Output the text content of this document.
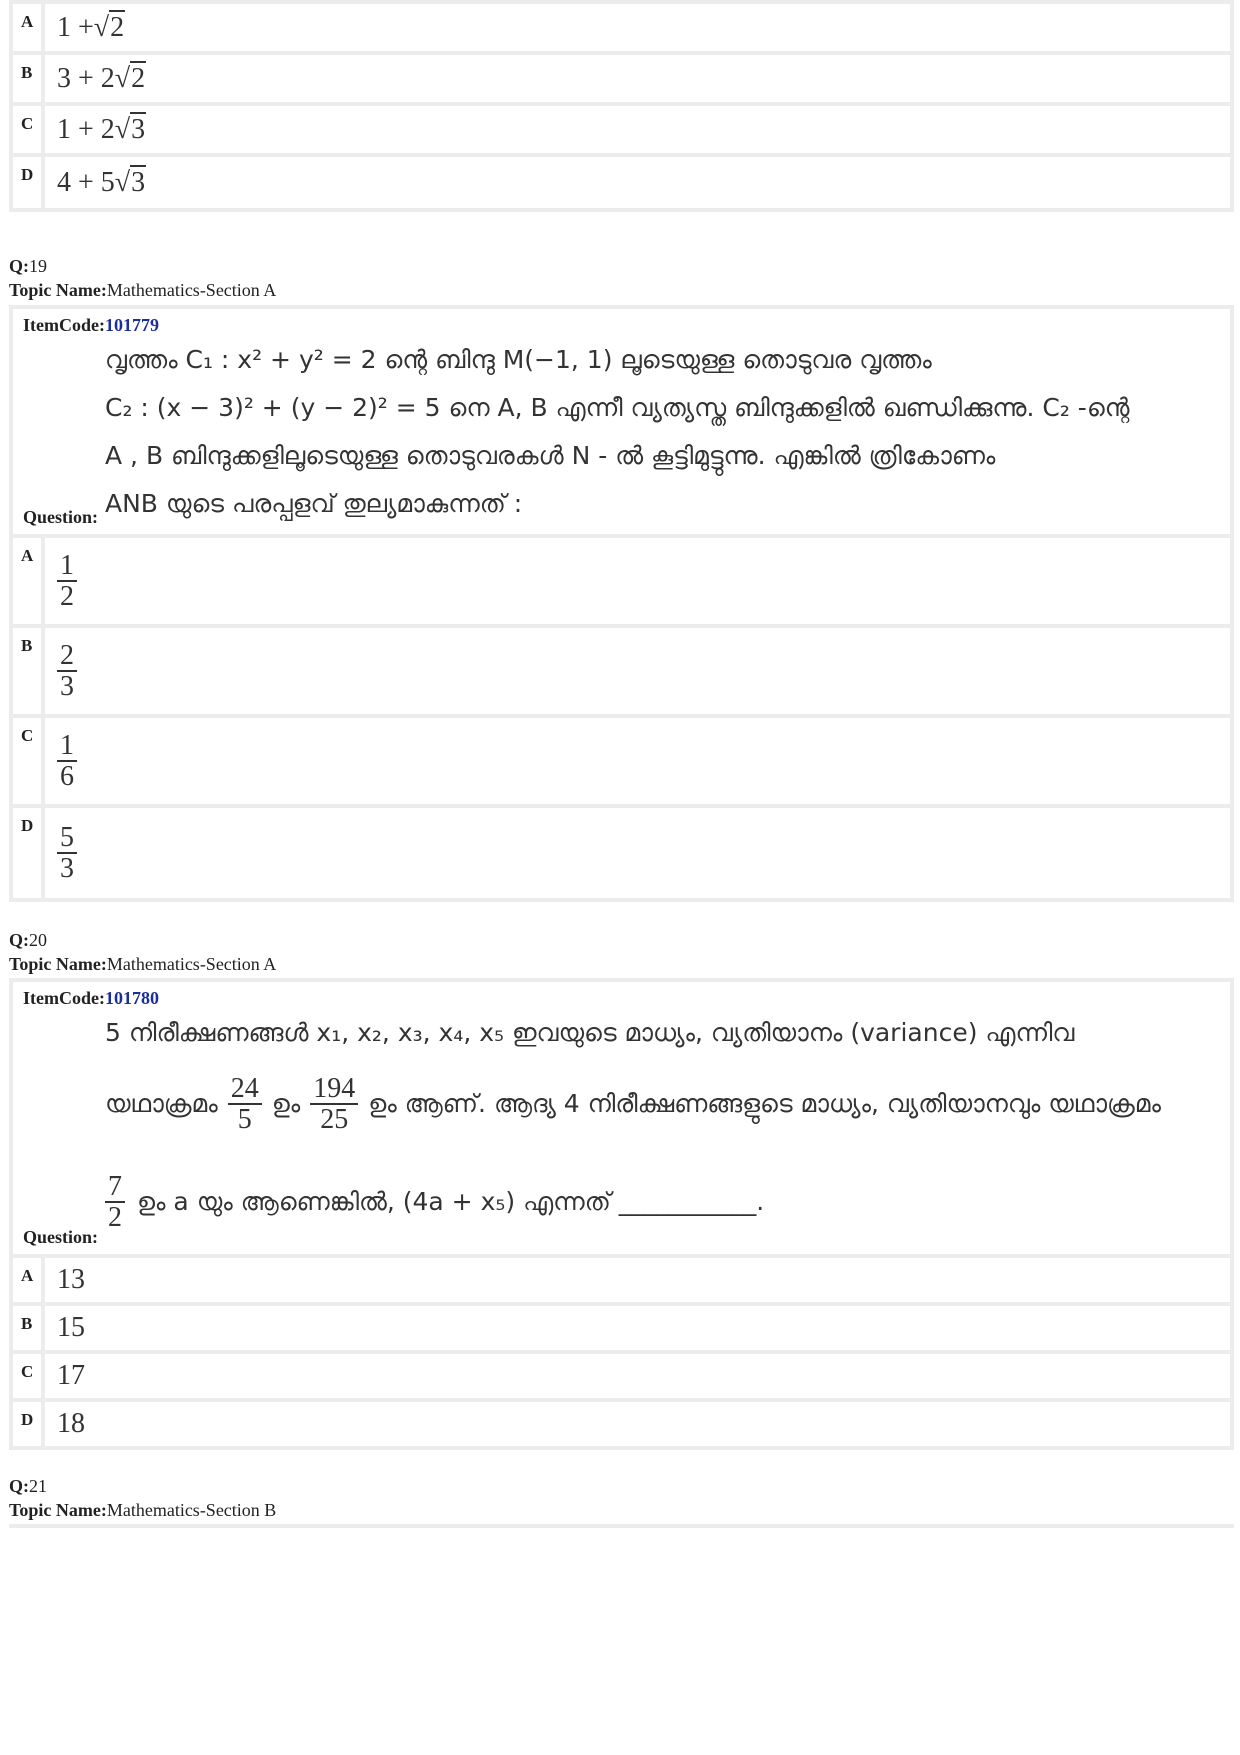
A 1 + √2
B 3 + 2 √2
C 1 + 2 √3
D 4 + 5 √3
Q:19
Topic Name:Mathematics-Section A
ItemCode:101779
വൃത്തം C₁ : x² + y² = 2 ന്റെ ബിന്ദു M(−1, 1) ലൂടെയുള്ള തൊടുവര വൃത്തം
C₂ : (x − 3)² + (y − 2)² = 5 നെ A, B എന്നീ വ്യത്യസ്ത ബിന്ദുക്കളിൽ ഖണ്ഡിക്കുന്നു. C₂ -ന്റെ
A , B ബിന്ദുക്കളിലൂടെയുള്ള തൊടുവരകൾ N - ൽ കൂട്ടിമുട്ടുന്നു. എങ്കിൽ ത്രികോണം
ANB യുടെ പരപ്പളവ് തുല്യമാകുന്നത് :
Question:
A $\frac{1}{2}$
B $\frac{2}{3}$
C $\frac{1}{6}$
D $\frac{5}{3}$
Q:20
Topic Name:Mathematics-Section A
ItemCode:101780
5 നിരീക്ഷണങ്ങൾ x₁, x₂, x₃, x₄, x₅ ഇവയുടെ മാധ്യം, വ്യതിയാനം (variance) എന്നിവ
യഥാക്രമം $\frac{24}{5}$ ഉം $\frac{194}{25}$ ഉം ആണ്. ആദ്യ 4 നിരീക്ഷണങ്ങളുടെ മാധ്യം, വ്യതിയാനവും യഥാക്രമം
$\frac{7}{2}$ ഉം a യും ആണെങ്കിൽ, (4a + x₅) എന്നത് ___________.
Question:
A 13
B 15
C 17
D 18
Q:21
Topic Name:Mathematics-Section B
